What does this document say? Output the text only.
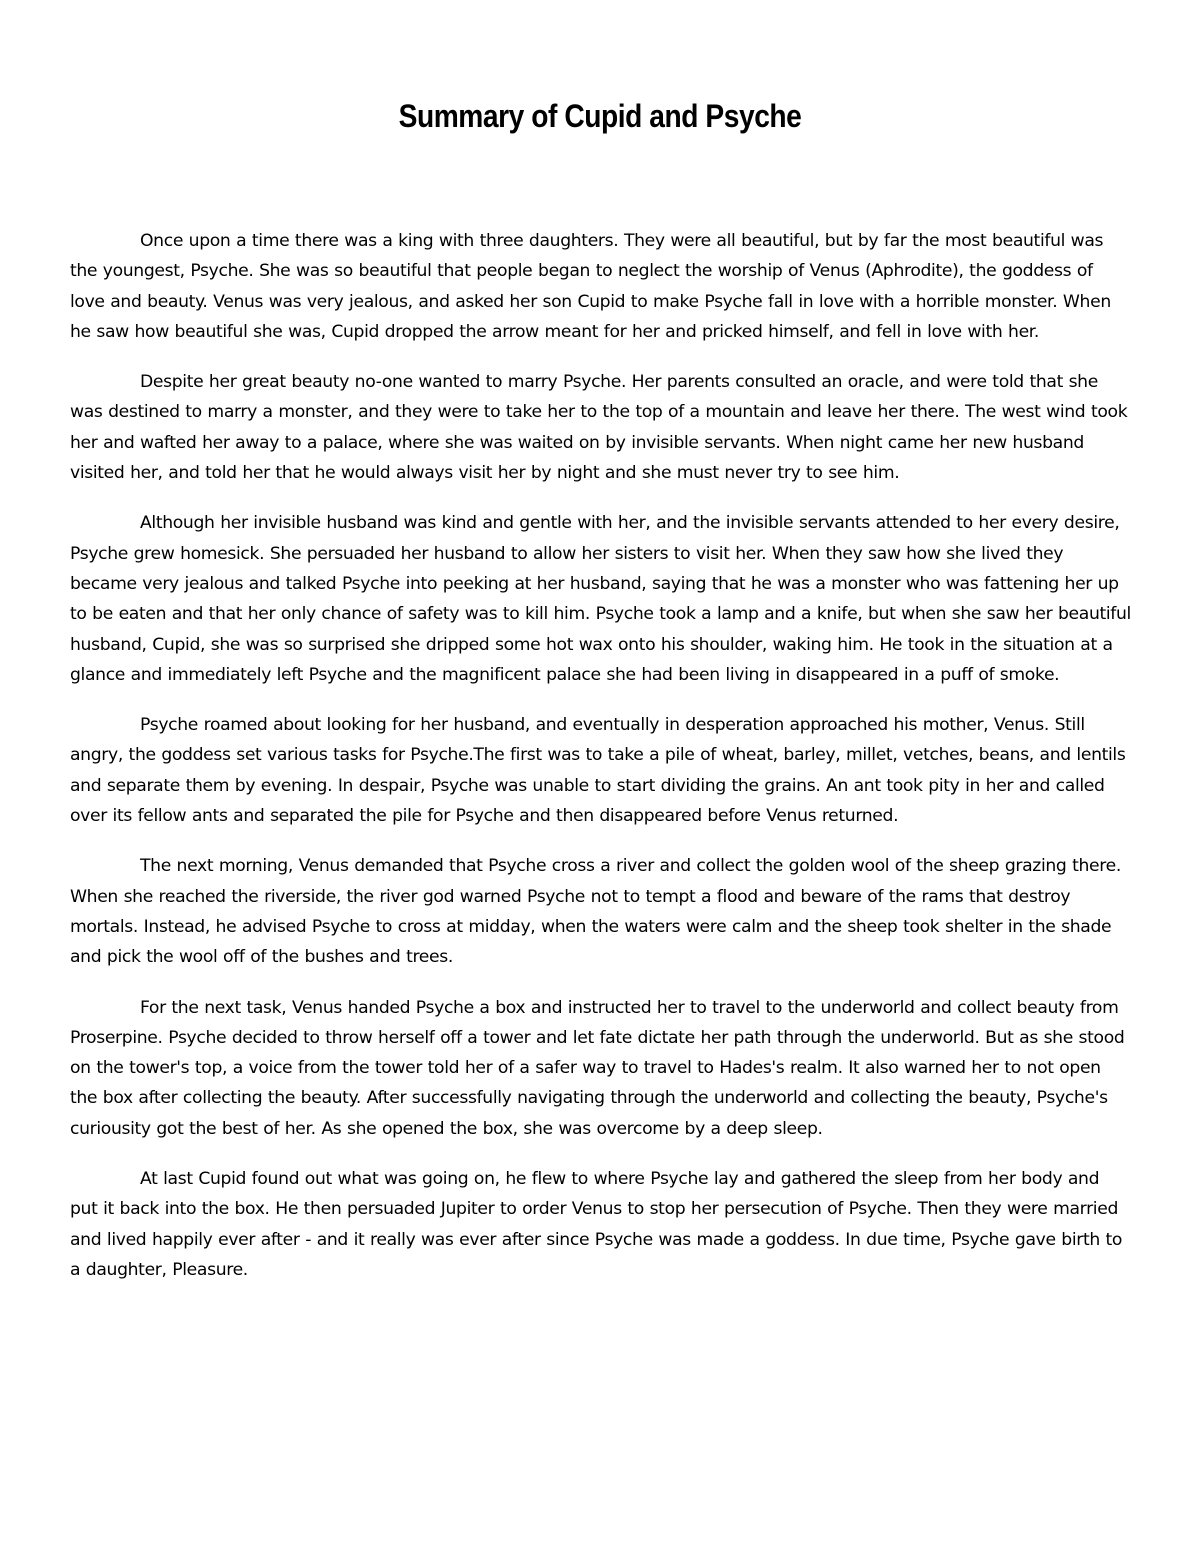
Summary of Cupid and Psyche

Once upon a time there was a king with three daughters. They were all beautiful, but by far the most beautiful was the youngest, Psyche. She was so beautiful that people began to neglect the worship of Venus (Aphrodite), the goddess of love and beauty. Venus was very jealous, and asked her son Cupid to make Psyche fall in love with a horrible monster. When he saw how beautiful she was, Cupid dropped the arrow meant for her and pricked himself, and fell in love with her.

Despite her great beauty no-one wanted to marry Psyche. Her parents consulted an oracle, and were told that she was destined to marry a monster, and they were to take her to the top of a mountain and leave her there. The west wind took her and wafted her away to a palace, where she was waited on by invisible servants. When night came her new husband visited her, and told her that he would always visit her by night and she must never try to see him.

Although her invisible husband was kind and gentle with her, and the invisible servants attended to her every desire, Psyche grew homesick. She persuaded her husband to allow her sisters to visit her. When they saw how she lived they became very jealous and talked Psyche into peeking at her husband, saying that he was a monster who was fattening her up to be eaten and that her only chance of safety was to kill him. Psyche took a lamp and a knife, but when she saw her beautiful husband, Cupid, she was so surprised she dripped some hot wax onto his shoulder, waking him. He took in the situation at a glance and immediately left Psyche and the magnificent palace she had been living in disappeared in a puff of smoke.

Psyche roamed about looking for her husband, and eventually in desperation approached his mother, Venus. Still angry, the goddess set various tasks for Psyche.The first was to take a pile of wheat, barley, millet, vetches, beans, and lentils and separate them by evening. In despair, Psyche was unable to start dividing the grains. An ant took pity in her and called over its fellow ants and separated the pile for Psyche and then disappeared before Venus returned.

The next morning, Venus demanded that Psyche cross a river and collect the golden wool of the sheep grazing there. When she reached the riverside, the river god warned Psyche not to tempt a flood and beware of the rams that destroy mortals. Instead, he advised Psyche to cross at midday, when the waters were calm and the sheep took shelter in the shade and pick the wool off of the bushes and trees.

For the next task, Venus handed Psyche a box and instructed her to travel to the underworld and collect beauty from Proserpine. Psyche decided to throw herself off a tower and let fate dictate her path through the underworld. But as she stood on the tower's top, a voice from the tower told her of a safer way to travel to Hades's realm. It also warned her to not open the box after collecting the beauty. After successfully navigating through the underworld and collecting the beauty, Psyche's curiousity got the best of her. As she opened the box, she was overcome by a deep sleep.

At last Cupid found out what was going on, he flew to where Psyche lay and gathered the sleep from her body and put it back into the box. He then persuaded Jupiter to order Venus to stop her persecution of Psyche. Then they were married and lived happily ever after - and it really was ever after since Psyche was made a goddess. In due time, Psyche gave birth to a daughter, Pleasure.
